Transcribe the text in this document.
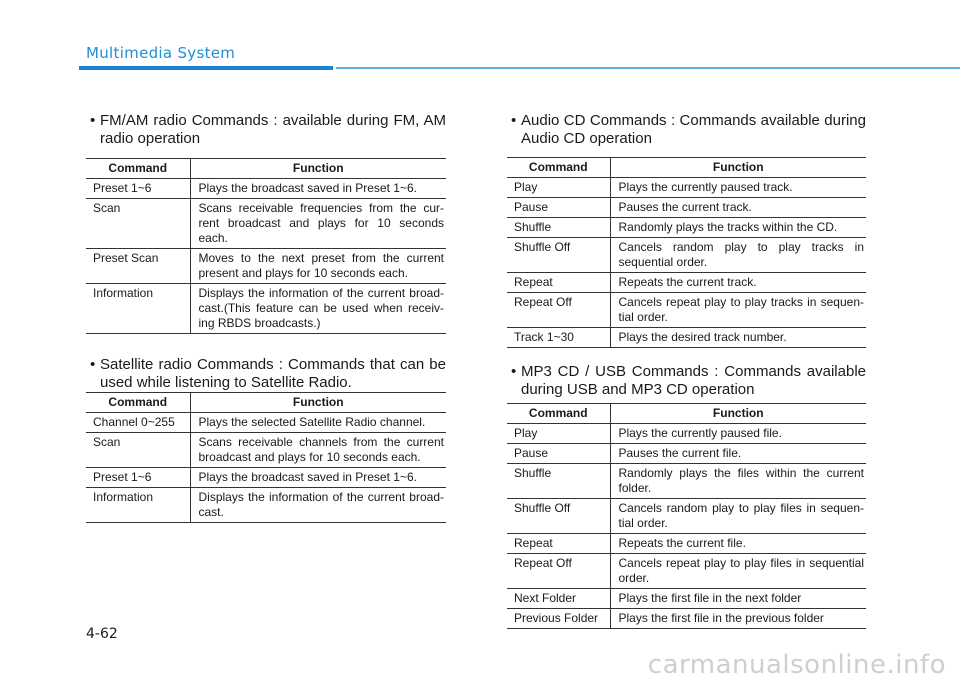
Multimedia System

• FM/AM radio Commands : available during FM, AM radio operation

Command	Function
Preset 1~6	Plays the broadcast saved in Preset 1~6.
Scan	Scans receivable frequencies from the cur-rent broadcast and plays for 10 seconds each.
Preset Scan	Moves to the next preset from the current present and plays for 10 seconds each.
Information	Displays the information of the current broad-cast.(This feature can be used when receiv-ing RBDS broadcasts.)

• Satellite radio Commands : Commands that can be used while listening to Satellite Radio.

Command	Function
Channel 0~255	Plays the selected Satellite Radio channel.
Scan	Scans receivable channels from the current broadcast and plays for 10 seconds each.
Preset 1~6	Plays the broadcast saved in Preset 1~6.
Information	Displays the information of the current broad-cast.

• Audio CD Commands : Commands available during Audio CD operation

Command	Function
Play	Plays the currently paused track.
Pause	Pauses the current track.
Shuffle	Randomly plays the tracks within the CD.
Shuffle Off	Cancels random play to play tracks in sequential order.
Repeat	Repeats the current track.
Repeat Off	Cancels repeat play to play tracks in sequen-tial order.
Track 1~30	Plays the desired track number.

• MP3 CD / USB Commands : Commands available during USB and MP3 CD operation

Command	Function
Play	Plays the currently paused file.
Pause	Pauses the current file.
Shuffle	Randomly plays the files within the current folder.
Shuffle Off	Cancels random play to play files in sequen-tial order.
Repeat	Repeats the current file.
Repeat Off	Cancels repeat play to play files in sequential order.
Next Folder	Plays the first file in the next folder
Previous Folder	Plays the first file in the previous folder
4-62
carmanualsonline.info
